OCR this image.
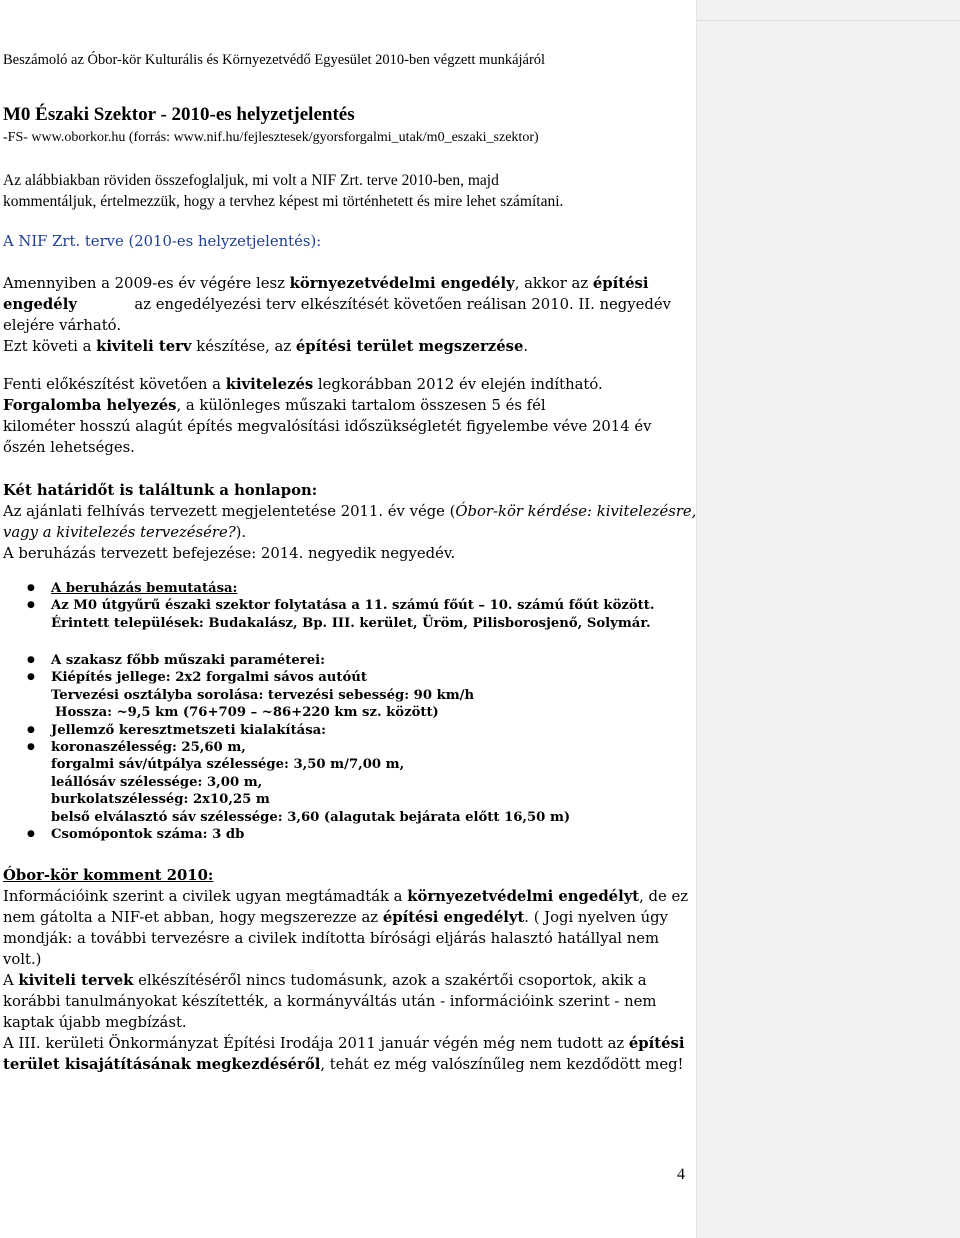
Beszámoló az Óbor-kör Kulturális és Környezetvédő Egyesület 2010-ben végzett munkájáról
M0 Északi Szektor - 2010-es helyzetjelentés
-FS- www.oborkor.hu (forrás: www.nif.hu/fejlesztesek/gyorsforgalmi_utak/m0_eszaki_szektor)
Az alábbiakban röviden összefoglaljuk, mi volt a NIF Zrt. terve 2010-ben, majd
kommentáljuk, értelmezzük, hogy a tervhez képest mi történhetett és mire lehet számítani.
A NIF Zrt. terve (2010-es helyzetjelentés):
Amennyiben a 2009-es év végére lesz környezetvédelmi engedély, akkor az építési
engedély	az engedélyezési terv elkészítését követően reálisan 2010. II. negyedév
elejére várható.
Ezt követi a kiviteli terv készítése, az építési terület megszerzése.
Fenti előkészítést követően a kivitelezés legkorábban 2012 év elején indítható.
Forgalomba helyezés, a különleges műszaki tartalom összesen 5 és fél
kilométer hosszú alagút építés megvalósítási időszükségletét figyelembe véve 2014 év
őszén lehetséges.
Két határidőt is találtunk a honlapon:
Az ajánlati felhívás tervezett megjelentetése 2011. év vége (Óbor-kör kérdése: kivitelezésre,
vagy a kivitelezés tervezésére?).
A beruházás tervezett befejezése: 2014. negyedik negyedév.
● A beruházás bemutatása:
● Az M0 útgyűrű északi szektor folytatása a 11. számú főút – 10. számú főút között.
Érintett települések: Budakalász, Bp. III. kerület, Üröm, Pilisborosjenő, Solymár.
● A szakasz főbb műszaki paraméterei:
● Kiépítés jellege: 2x2 forgalmi sávos autóút
Tervezési osztályba sorolása: tervezési sebesség: 90 km/h
Hossza: ~9,5 km (76+709 – ~86+220 km sz. között)
● Jellemző keresztmetszeti kialakítása:
● koronaszélesség: 25,60 m,
forgalmi sáv/útpálya szélessége: 3,50 m/7,00 m,
leállósáv szélessége: 3,00 m,
burkolatszélesség: 2x10,25 m
belső elválasztó sáv szélessége: 3,60 (alagutak bejárata előtt 16,50 m)
● Csomópontok száma: 3 db
Óbor-kör komment 2010:
Információink szerint a civilek ugyan megtámadták a környezetvédelmi engedélyt, de ez
nem gátolta a NIF-et abban, hogy megszerezze az építési engedélyt. ( Jogi nyelven úgy
mondják: a további tervezésre a civilek indította bírósági eljárás halasztó hatállyal nem
volt.)
A kiviteli tervek elkészítéséről nincs tudomásunk, azok a szakértői csoportok, akik a
korábbi tanulmányokat készítették, a kormányváltás után - információink szerint - nem
kaptak újabb megbízást.
A III. kerületi Önkormányzat Építési Irodája 2011 január végén még nem tudott az építési
terület kisajátításának megkezdéséről, tehát ez még valószínűleg nem kezdődött meg!
4
